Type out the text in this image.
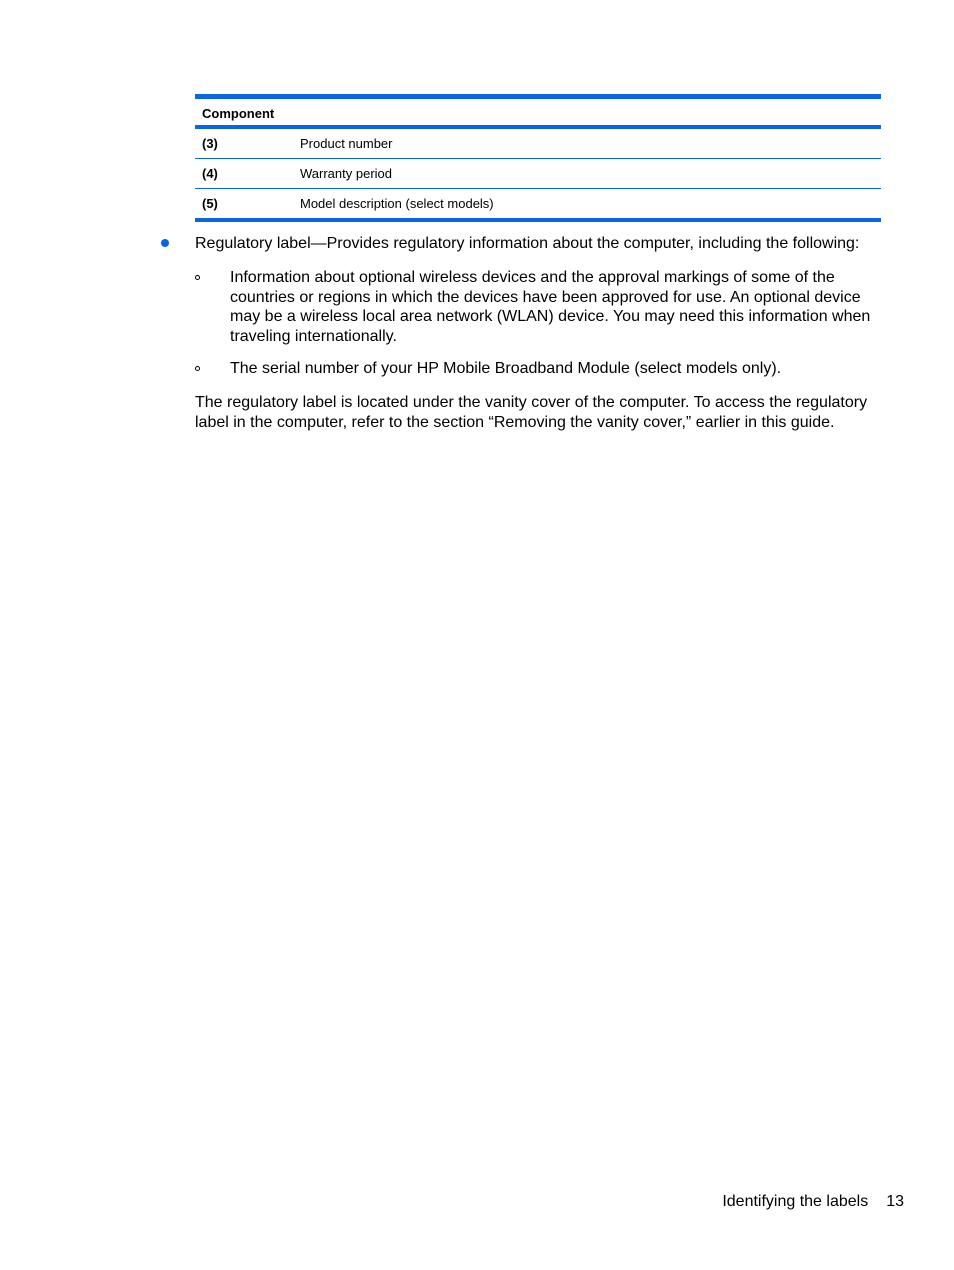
Component	
(3)	Product number
(4)	Warranty period
(5)	Model description (select models)

Regulatory label—Provides regulatory information about the computer, including the following:

Information about optional wireless devices and the approval markings of some of the countries or regions in which the devices have been approved for use. An optional device may be a wireless local area network (WLAN) device. You may need this information when traveling internationally.

The serial number of your HP Mobile Broadband Module (select models only).

The regulatory label is located under the vanity cover of the computer. To access the regulatory label in the computer, refer to the section “Removing the vanity cover,” earlier in this guide.

Identifying the labels 13
